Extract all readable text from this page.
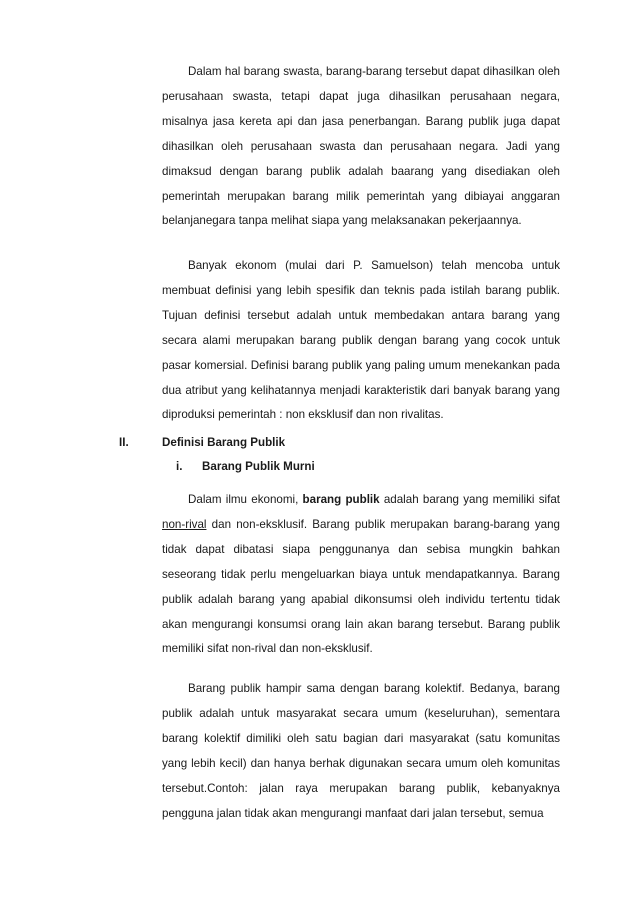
Dalam hal barang swasta, barang-barang tersebut dapat dihasilkan oleh perusahaan swasta, tetapi dapat juga dihasilkan perusahaan negara, misalnya jasa kereta api dan jasa penerbangan. Barang publik juga dapat dihasilkan oleh perusahaan swasta dan perusahaan negara. Jadi yang dimaksud dengan barang publik adalah baarang yang disediakan oleh pemerintah merupakan barang milik pemerintah yang dibiayai anggaran belanjanegara tanpa melihat siapa yang melaksanakan pekerjaannya.

Banyak ekonom (mulai dari P. Samuelson) telah mencoba untuk membuat definisi yang lebih spesifik dan teknis pada istilah barang publik. Tujuan definisi tersebut adalah untuk membedakan antara barang yang secara alami merupakan barang publik dengan barang yang cocok untuk pasar komersial. Definisi barang publik yang paling umum menekankan pada dua atribut yang kelihatannya menjadi karakteristik dari banyak barang yang diproduksi pemerintah : non eksklusif dan non rivalitas.

II.	Definisi Barang Publik
i. Barang Publik Murni

Dalam ilmu ekonomi, barang publik adalah barang yang memiliki sifat non-rival dan non-eksklusif. Barang publik merupakan barang-barang yang tidak dapat dibatasi siapa penggunanya dan sebisa mungkin bahkan seseorang tidak perlu mengeluarkan biaya untuk mendapatkannya. Barang publik adalah barang yang apabial dikonsumsi oleh individu tertentu tidak akan mengurangi konsumsi orang lain akan barang tersebut. Barang publik memiliki sifat non-rival dan non-eksklusif.

Barang publik hampir sama dengan barang kolektif. Bedanya, barang publik adalah untuk masyarakat secara umum (keseluruhan), sementara barang kolektif dimiliki oleh satu bagian dari masyarakat (satu komunitas yang lebih kecil) dan hanya berhak digunakan secara umum oleh komunitas tersebut.Contoh: jalan raya merupakan barang publik, kebanyaknya pengguna jalan tidak akan mengurangi manfaat dari jalan tersebut, semua
